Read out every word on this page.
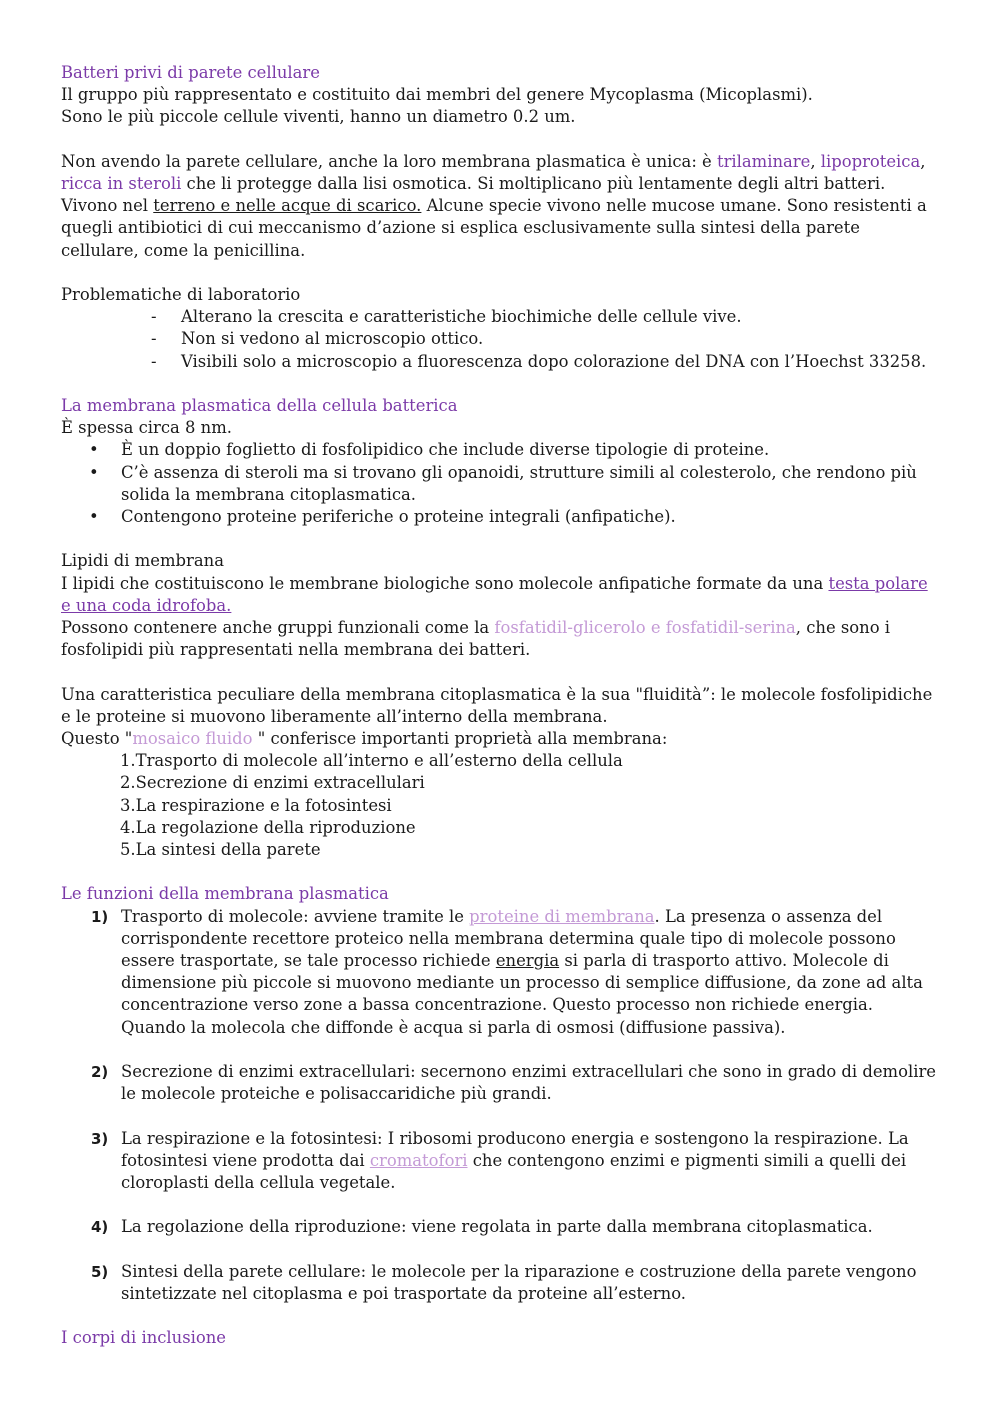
Batteri privi di parete cellulare

Il gruppo più rappresentato e costituito dai membri del genere Mycoplasma (Micoplasmi).

Sono le più piccole cellule viventi, hanno un diametro 0.2 um.

Non avendo la parete cellulare, anche la loro membrana plasmatica è unica: è trilaminare, lipoproteica, ricca in steroli che li protegge dalla lisi osmotica. Si moltiplicano più lentamente degli altri batteri. Vivono nel terreno e nelle acque di scarico. Alcune specie vivono nelle mucose umane. Sono resistenti a quegli antibiotici di cui meccanismo d’azione si esplica esclusivamente sulla sintesi della parete cellulare, come la penicillina.

Problematiche di laboratorio

- Alterano la crescita e caratteristiche biochimiche delle cellule vive.
- Non si vedono al microscopio ottico.
- Visibili solo a microscopio a fluorescenza dopo colorazione del DNA con l’Hoechst 33258.

La membrana plasmatica della cellula batterica

È spessa circa 8 nm.

• È un doppio foglietto di fosfolipidico che include diverse tipologie di proteine.
• C’è assenza di steroli ma si trovano gli opanoidi, strutture simili al colesterolo, che rendono più solida la membrana citoplasmatica.
• Contengono proteine periferiche o proteine integrali (anfipatiche).

Lipidi di membrana

I lipidi che costituiscono le membrane biologiche sono molecole anfipatiche formate da una testa polare e una coda idrofoba.

Possono contenere anche gruppi funzionali come la fosfatidil-glicerolo e fosfatidil-serina, che sono i fosfolipidi più rappresentati nella membrana dei batteri.

Una caratteristica peculiare della membrana citoplasmatica è la sua "fluidità”: le molecole fosfolipidiche e le proteine si muovono liberamente all’interno della membrana.

Questo "mosaico fluido " conferisce importanti proprietà alla membrana:

1.Trasporto di molecole all’interno e all’esterno della cellula
2.Secrezione di enzimi extracellulari
3.La respirazione e la fotosintesi
4.La regolazione della riproduzione
5.La sintesi della parete

Le funzioni della membrana plasmatica

1) Trasporto di molecole: avviene tramite le proteine di membrana. La presenza o assenza del corrispondente recettore proteico nella membrana determina quale tipo di molecole possono essere trasportate, se tale processo richiede energia si parla di trasporto attivo. Molecole di dimensione più piccole si muovono mediante un processo di semplice diffusione, da zone ad alta concentrazione verso zone a bassa concentrazione. Questo processo non richiede energia. Quando la molecola che diffonde è acqua si parla di osmosi (diffusione passiva).
2) Secrezione di enzimi extracellulari: secernono enzimi extracellulari che sono in grado di demolire le molecole proteiche e polisaccaridiche più grandi.
3) La respirazione e la fotosintesi: I ribosomi producono energia e sostengono la respirazione. La fotosintesi viene prodotta dai cromatofori che contengono enzimi e pigmenti simili a quelli dei cloroplasti della cellula vegetale.
4) La regolazione della riproduzione: viene regolata in parte dalla membrana citoplasmatica.
5) Sintesi della parete cellulare: le molecole per la riparazione e costruzione della parete vengono sintetizzate nel citoplasma e poi trasportate da proteine all’esterno.

I corpi di inclusione
